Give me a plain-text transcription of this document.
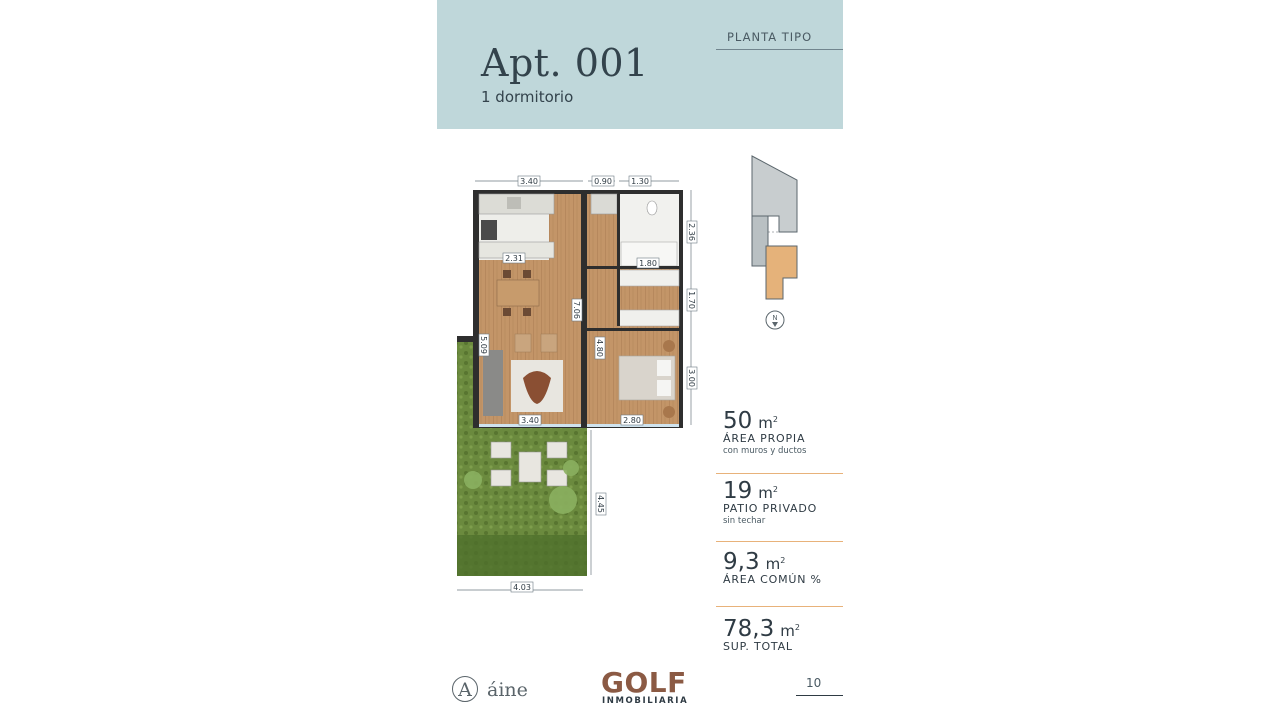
PLANTA TIPO
Apt. 001
1 dormitorio
3.40	0.90 1.30
2.31
1.80
3.40	2.80
4.03
7.06
4.80
5.09
2.36
1.70
3.00
4.45
N
50 $m^2$
ÁREA PROPIA
con muros y ductos
19 $m^2$
PATIO PRIVADO
sin techar
9,3 $m^2$
ÁREA COMÚN %
78,3 $m^2$
SUP. TOTAL
A áine	GOLF
INMOBILIARIA
10
